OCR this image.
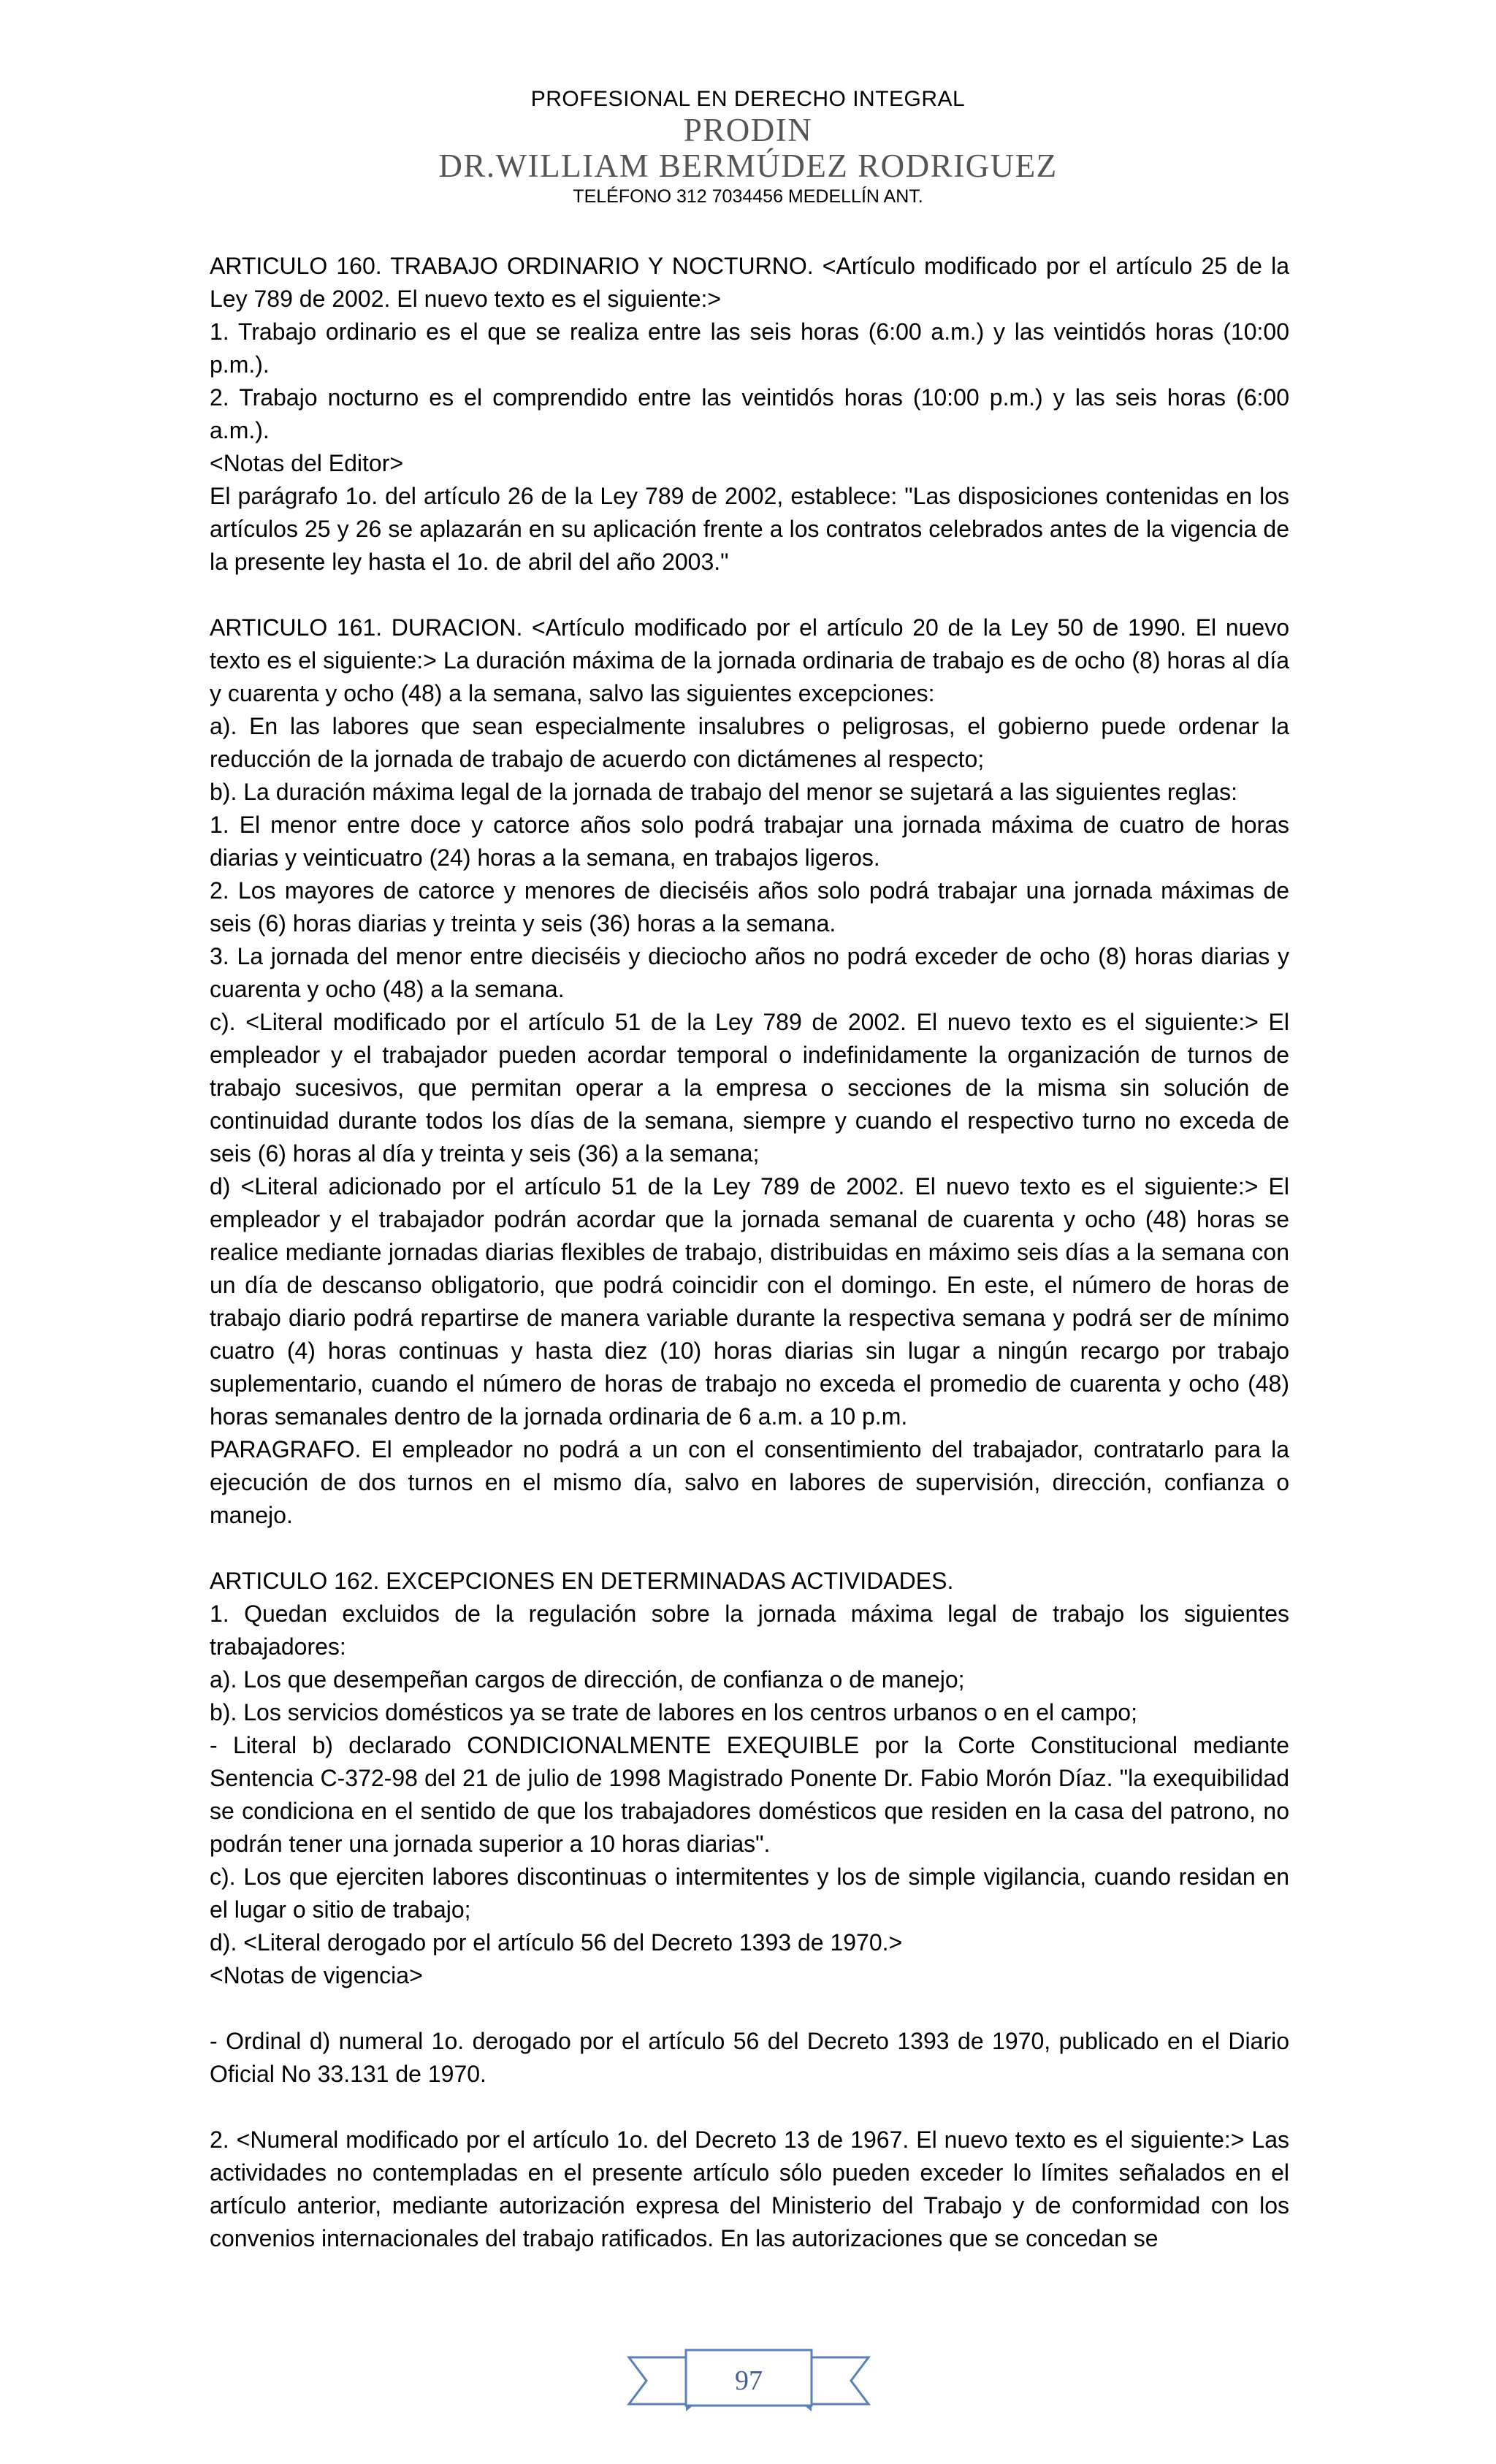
PROFESIONAL EN DERECHO INTEGRAL
PRODIN
DR.WILLIAM BERMÚDEZ RODRIGUEZ
TELÉFONO 312 7034456 MEDELLÍN ANT.

ARTICULO 160. TRABAJO ORDINARIO Y NOCTURNO. <Artículo modificado por el artículo 25 de la Ley 789 de 2002. El nuevo texto es el siguiente:>

1. Trabajo ordinario es el que se realiza entre las seis horas (6:00 a.m.) y las veintidós horas (10:00 p.m.).

2. Trabajo nocturno es el comprendido entre las veintidós horas (10:00 p.m.) y las seis horas (6:00 a.m.).

<Notas del Editor>

El parágrafo 1o. del artículo 26 de la Ley 789 de 2002, establece: "Las disposiciones contenidas en los artículos 25 y 26 se aplazarán en su aplicación frente a los contratos celebrados antes de la vigencia de la presente ley hasta el 1o. de abril del año 2003."

ARTICULO 161. DURACION. <Artículo modificado por el artículo 20 de la Ley 50 de 1990. El nuevo texto es el siguiente:> La duración máxima de la jornada ordinaria de trabajo es de ocho (8) horas al día y cuarenta y ocho (48) a la semana, salvo las siguientes excepciones:

a). En las labores que sean especialmente insalubres o peligrosas, el gobierno puede ordenar la reducción de la jornada de trabajo de acuerdo con dictámenes al respecto;

b). La duración máxima legal de la jornada de trabajo del menor se sujetará a las siguientes reglas:

1. El menor entre doce y catorce años solo podrá trabajar una jornada máxima de cuatro de horas diarias y veinticuatro (24) horas a la semana, en trabajos ligeros.

2. Los mayores de catorce y menores de dieciséis años solo podrá trabajar una jornada máximas de seis (6) horas diarias y treinta y seis (36) horas a la semana.

3. La jornada del menor entre dieciséis y dieciocho años no podrá exceder de ocho (8) horas diarias y cuarenta y ocho (48) a la semana.

c). <Literal modificado por el artículo 51 de la Ley 789 de 2002. El nuevo texto es el siguiente:> El empleador y el trabajador pueden acordar temporal o indefinidamente la organización de turnos de trabajo sucesivos, que permitan operar a la empresa o secciones de la misma sin solución de continuidad durante todos los días de la semana, siempre y cuando el respectivo turno no exceda de seis (6) horas al día y treinta y seis (36) a la semana;

d) <Literal adicionado por el artículo 51 de la Ley 789 de 2002. El nuevo texto es el siguiente:> El empleador y el trabajador podrán acordar que la jornada semanal de cuarenta y ocho (48) horas se realice mediante jornadas diarias flexibles de trabajo, distribuidas en máximo seis días a la semana con un día de descanso obligatorio, que podrá coincidir con el domingo. En este, el número de horas de trabajo diario podrá repartirse de manera variable durante la respectiva semana y podrá ser de mínimo cuatro (4) horas continuas y hasta diez (10) horas diarias sin lugar a ningún recargo por trabajo suplementario, cuando el número de horas de trabajo no exceda el promedio de cuarenta y ocho (48) horas semanales dentro de la jornada ordinaria de 6 a.m. a 10 p.m.

PARAGRAFO. El empleador no podrá a un con el consentimiento del trabajador, contratarlo para la ejecución de dos turnos en el mismo día, salvo en labores de supervisión, dirección, confianza o manejo.

ARTICULO 162. EXCEPCIONES EN DETERMINADAS ACTIVIDADES.

1. Quedan excluidos de la regulación sobre la jornada máxima legal de trabajo los siguientes trabajadores:

a). Los que desempeñan cargos de dirección, de confianza o de manejo;

b). Los servicios domésticos ya se trate de labores en los centros urbanos o en el campo;

- Literal b) declarado CONDICIONALMENTE EXEQUIBLE por la Corte Constitucional mediante Sentencia C-372-98 del 21 de julio de 1998 Magistrado Ponente Dr. Fabio Morón Díaz. "la exequibilidad se condiciona en el sentido de que los trabajadores domésticos que residen en la casa del patrono, no podrán tener una jornada superior a 10 horas diarias".

c). Los que ejerciten labores discontinuas o intermitentes y los de simple vigilancia, cuando residan en el lugar o sitio de trabajo;

d). <Literal derogado por el artículo 56 del Decreto 1393 de 1970.>

<Notas de vigencia>

- Ordinal d) numeral 1o. derogado por el artículo 56 del Decreto 1393 de 1970, publicado en el Diario Oficial No 33.131 de 1970.

2. <Numeral modificado por el artículo 1o. del Decreto 13 de 1967. El nuevo texto es el siguiente:> Las actividades no contempladas en el presente artículo sólo pueden exceder lo límites señalados en el artículo anterior, mediante autorización expresa del Ministerio del Trabajo y de conformidad con los convenios internacionales del trabajo ratificados. En las autorizaciones que se concedan se

97
